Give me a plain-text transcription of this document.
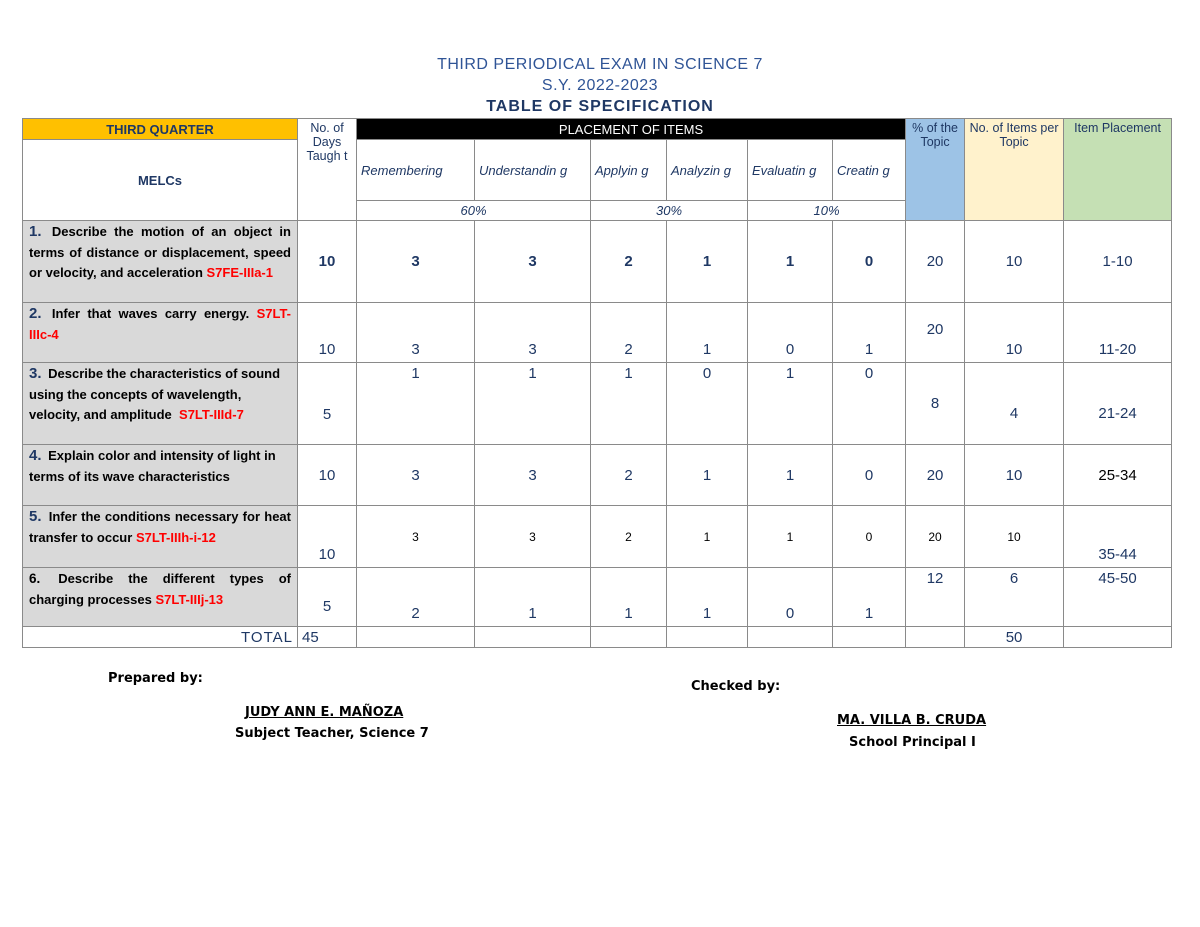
THIRD PERIODICAL EXAM IN SCIENCE 7
S.Y. 2022-2023
TABLE OF SPECIFICATION
THIRD QUARTER	No. of Days Taugh t	PLACEMENT OF ITEMS						% of the Topic	No. of Items per Topic	Item Placement
MELCs		Remembering	Understandin g	Applyin g	Analyzin g	Evaluatin g	Creatin g			
		60%		30%		10%				
1. Describe the motion of an object in terms of distance or displacement, speed or velocity, and acceleration S7FE-IIIa-1	10	3	3	2	1	1	0	20	10	1-10
2. Infer that waves carry energy. S7LT-IIIc-4	10	3	3	2	1	0	1	20	10	11-20
3. Describe the characteristics of sound using the concepts of wavelength, velocity, and amplitude S7LT-IIId-7	5	1	1	1	0	1	0	8	4	21-24
4. Explain color and intensity of light in terms of its wave characteristics	10	3	3	2	1	1	0	20	10	25-34
5. Infer the conditions necessary for heat transfer to occur S7LT-IIIh-i-12	10	3	3	2	1	1	0	20	10	35-44
6. Describe the different types of charging processes S7LT-IIIj-13	5	2	1	1	1	0	1	12	6	45-50
TOTAL	45								50	
Prepared by:
JUDY ANN E. MAÑOZA
Subject Teacher, Science 7
Checked by:
MA. VILLA B. CRUDA
School Principal I
